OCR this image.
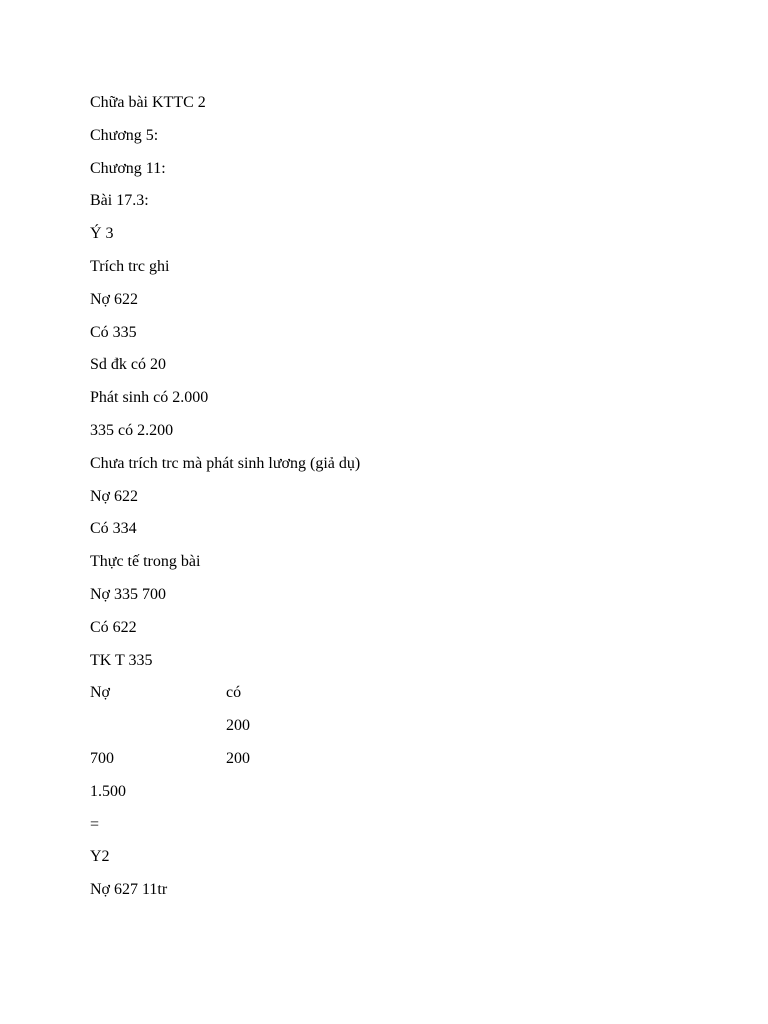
Chữa bài KTTC 2
Chương 5:
Chương 11:
Bài 17.3:
Ý 3
Trích trc ghi
Nợ 622
Có 335
Sd đk có 20
Phát sinh có 2.000
335 có 2.200
Chưa trích trc mà phát sinh lương (giả dụ)
Nợ 622
Có 334
Thực tế trong bài
Nợ 335 700
Có 622
TK T 335
Nợ	có
200
700	200
1.500
=
Y2
Nợ 627 11tr
